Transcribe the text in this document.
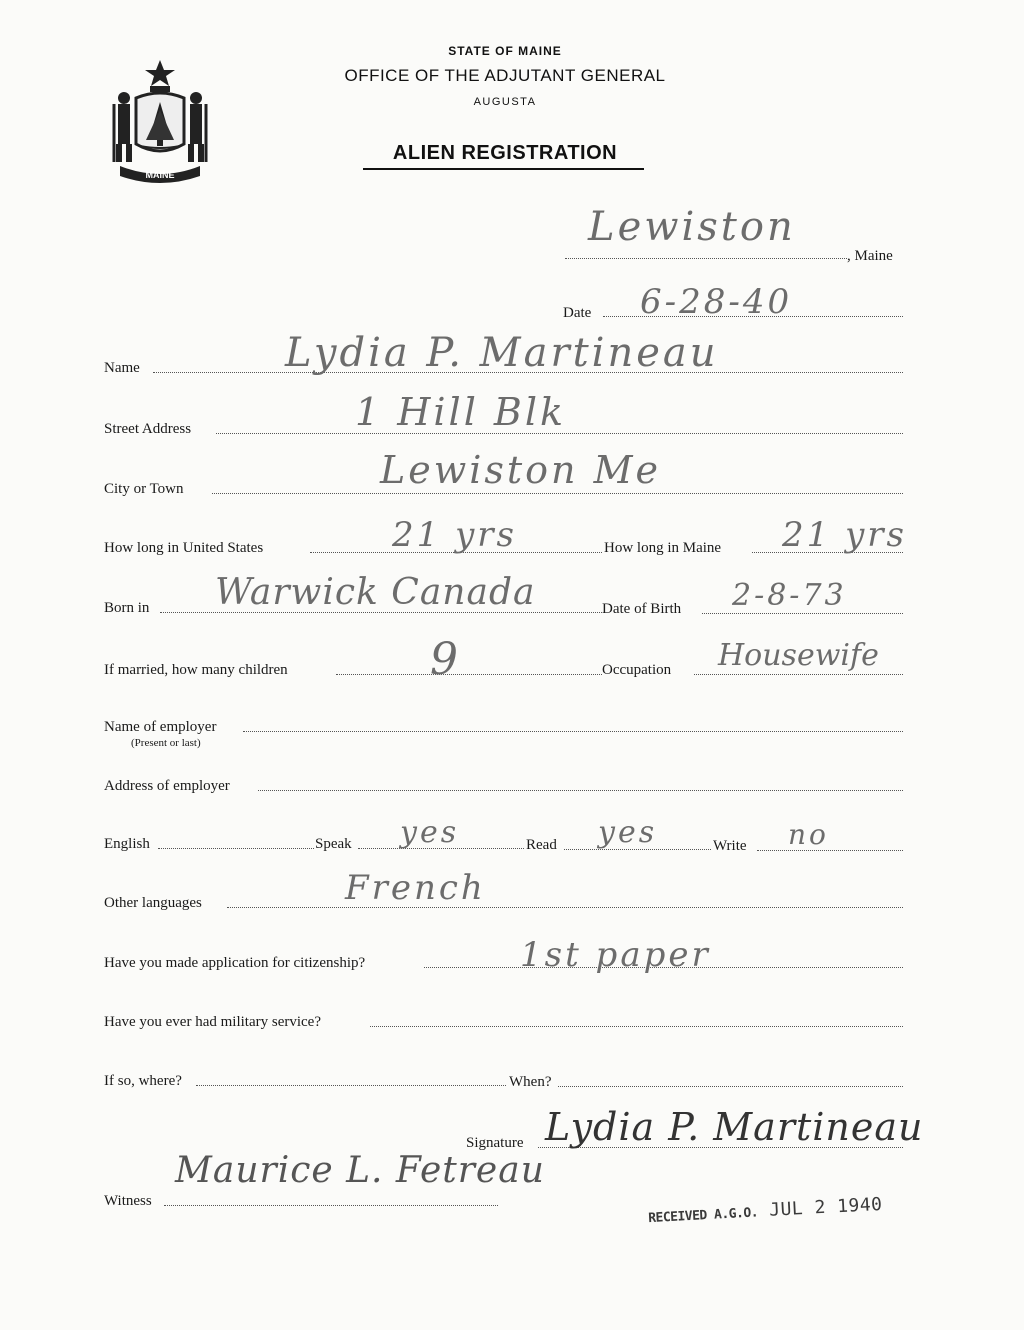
MAINE
STATE OF MAINE
OFFICE OF THE ADJUTANT GENERAL
AUGUSTA
ALIEN REGISTRATION
Lewiston
, Maine
Date 6-28-40
Name	Lydia P. Martineau
Street Address	1 Hill Blk
City or Town	Lewiston Me
How long in United States	21 yrs	How long in Maine 21 yrs
Born in Warwick Canada	Date of Birth 2-8-73
If married, how many children	9	Occupation Housewife
Name of employer
(Present or last)
Address of employer
English	Speak yes	Read yes	Write no
Other languages	French
Have you made application for citizenship?	1st paper
Have you ever had military service?
If so, where?	When?
Signature Lydia P. Martineau
Witness
Maurice L. Fetreau
RECEIVED A.G.O. JUL 2 1940
